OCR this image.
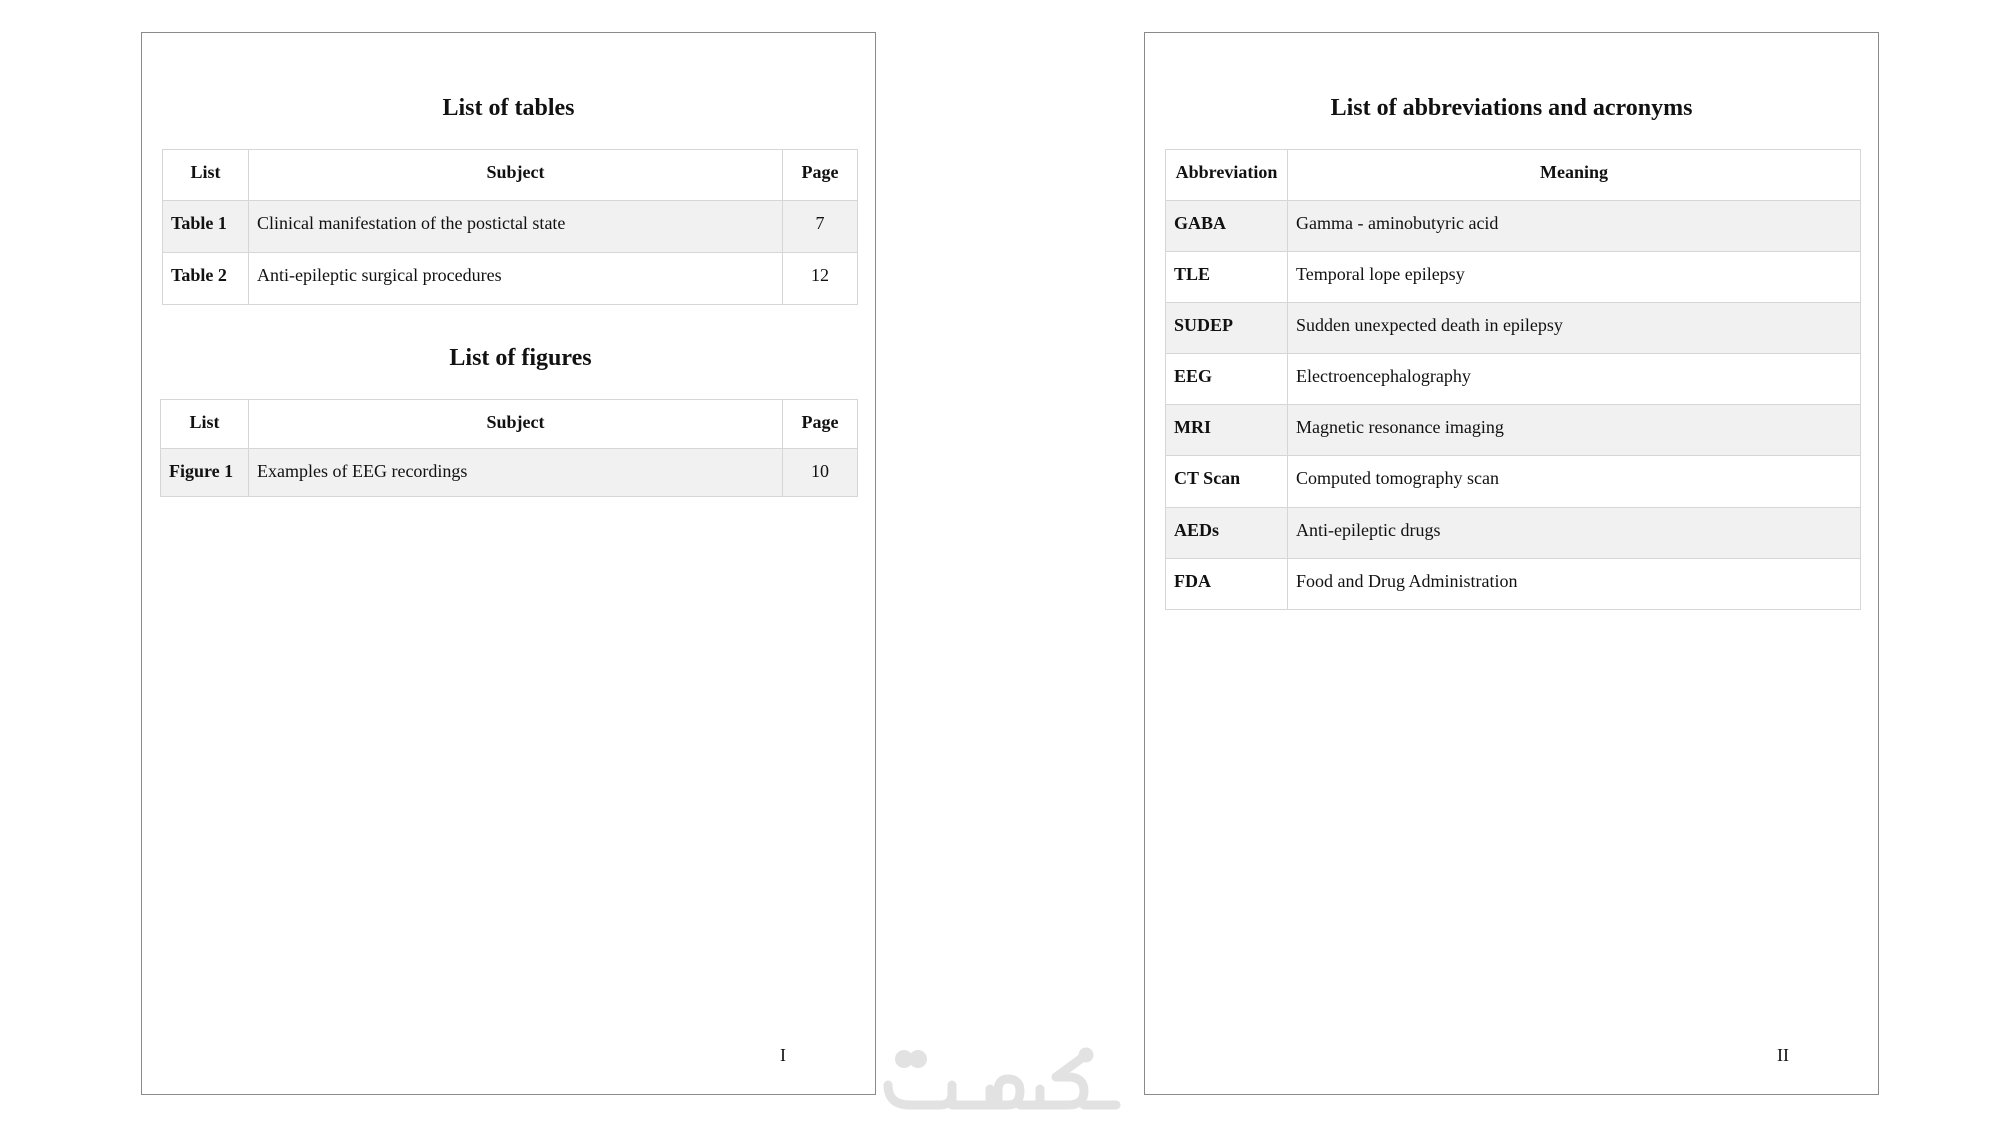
List of tables
List	Subject	Page
Table 1	Clinical manifestation of the postictal state	7
Table 2	Anti-epileptic surgical procedures	12
List of figures
List	Subject	Page
Figure 1	Examples of EEG recordings	10
I
List of abbreviations and acronyms
Abbreviation	Meaning
GABA	Gamma - aminobutyric acid
TLE	Temporal lope epilepsy
SUDEP	Sudden unexpected death in epilepsy
EEG	Electroencephalography
MRI	Magnetic resonance imaging
CT Scan	Computed tomography scan
AEDs	Anti-epileptic drugs
FDA	Food and Drug Administration
II
